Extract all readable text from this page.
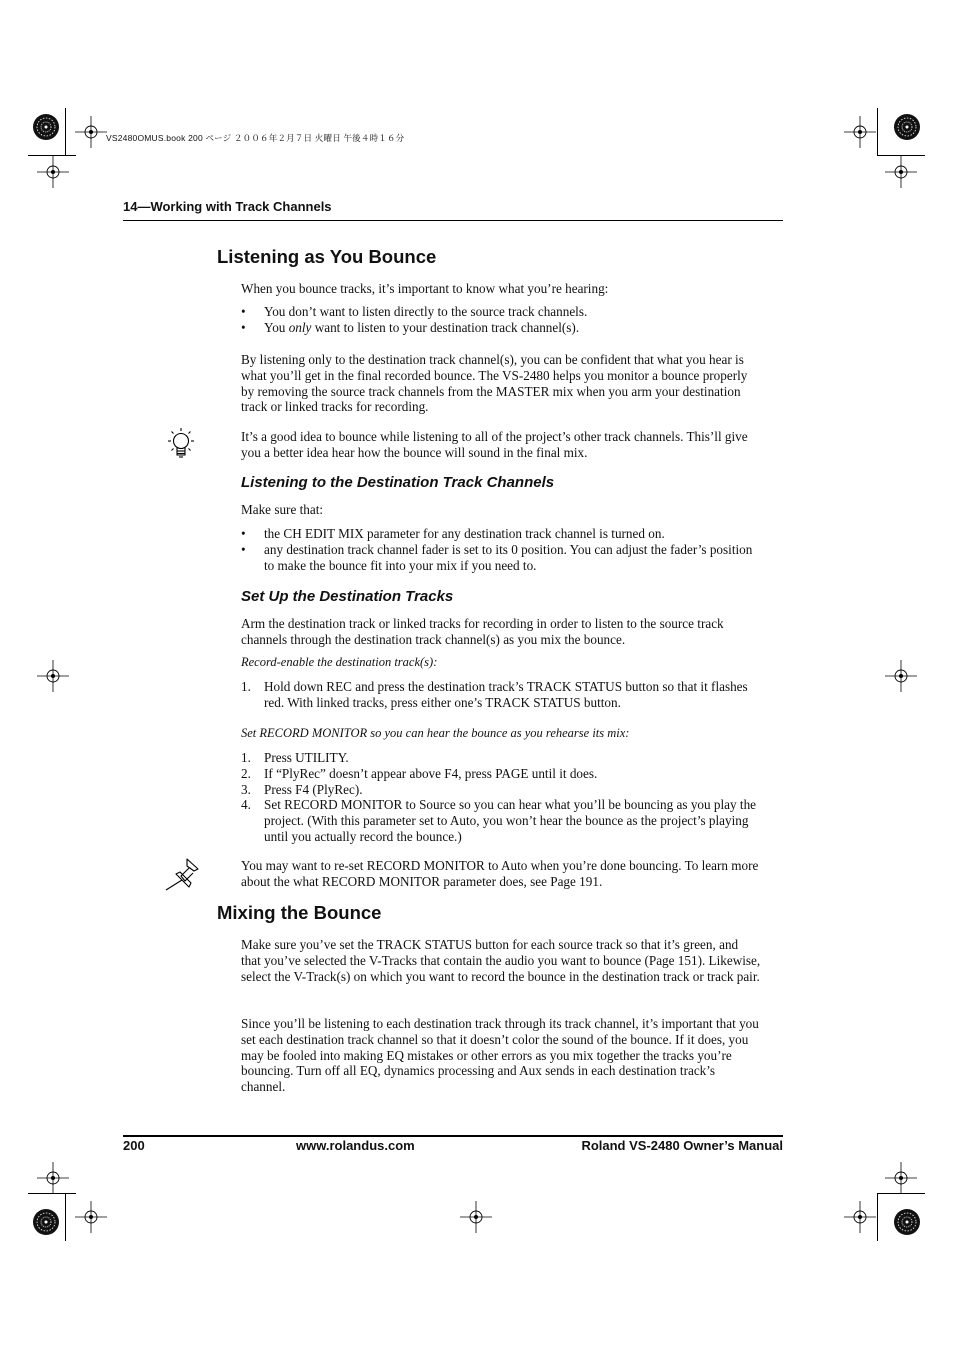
VS2480OMUS.book 200 ページ ２００６年２月７日 火曜日 午後４時１６分
14—Working with Track Channels
Listening as You Bounce

When you bounce tracks, it’s important to know what you’re hearing:

• You don’t want to listen directly to the source track channels.
• You only want to listen to your destination track channel(s).

By listening only to the destination track channel(s), you can be confident that what you hear is what you’ll get in the final recorded bounce. The VS-2480 helps you monitor a bounce properly by removing the source track channels from the MASTER mix when you arm your destination track or linked tracks for recording.

It’s a good idea to bounce while listening to all of the project’s other track channels. This’ll give you a better idea hear how the bounce will sound in the final mix.

Listening to the Destination Track Channels

Make sure that:

• the CH EDIT MIX parameter for any destination track channel is turned on.
• any destination track channel fader is set to its 0 position. You can adjust the fader’s position to make the bounce fit into your mix if you need to.
Set Up the Destination Tracks

Arm the destination track or linked tracks for recording in order to listen to the source track channels through the destination track channel(s) as you mix the bounce.

Record-enable the destination track(s):

1. Hold down REC and press the destination track’s TRACK STATUS button so that it flashes red. With linked tracks, press either one’s TRACK STATUS button.

Set RECORD MONITOR so you can hear the bounce as you rehearse its mix:

1. Press UTILITY.
2. If “PlyRec” doesn’t appear above F4, press PAGE until it does.
3. Press F4 (PlyRec).
4. Set RECORD MONITOR to Source so you can hear what you’ll be bouncing as you play the project. (With this parameter set to Auto, you won’t hear the bounce as the project’s playing until you actually record the bounce.)

You may want to re-set RECORD MONITOR to Auto when you’re done bouncing. To learn more about the what RECORD MONITOR parameter does, see Page 191.

Mixing the Bounce

Make sure you’ve set the TRACK STATUS button for each source track so that it’s green, and that you’ve selected the V-Tracks that contain the audio you want to bounce (Page 151). Likewise, select the V-Track(s) on which you want to record the bounce in the destination track or track pair.

Since you’ll be listening to each destination track through its track channel, it’s important that you set each destination track channel so that it doesn’t color the sound of the bounce. If it does, you may be fooled into making EQ mistakes or other errors as you mix together the tracks you’re bouncing. Turn off all EQ, dynamics processing and Aux sends in each destination track’s channel.

200	www.rolandus.com	Roland VS-2480 Owner’s Manual
